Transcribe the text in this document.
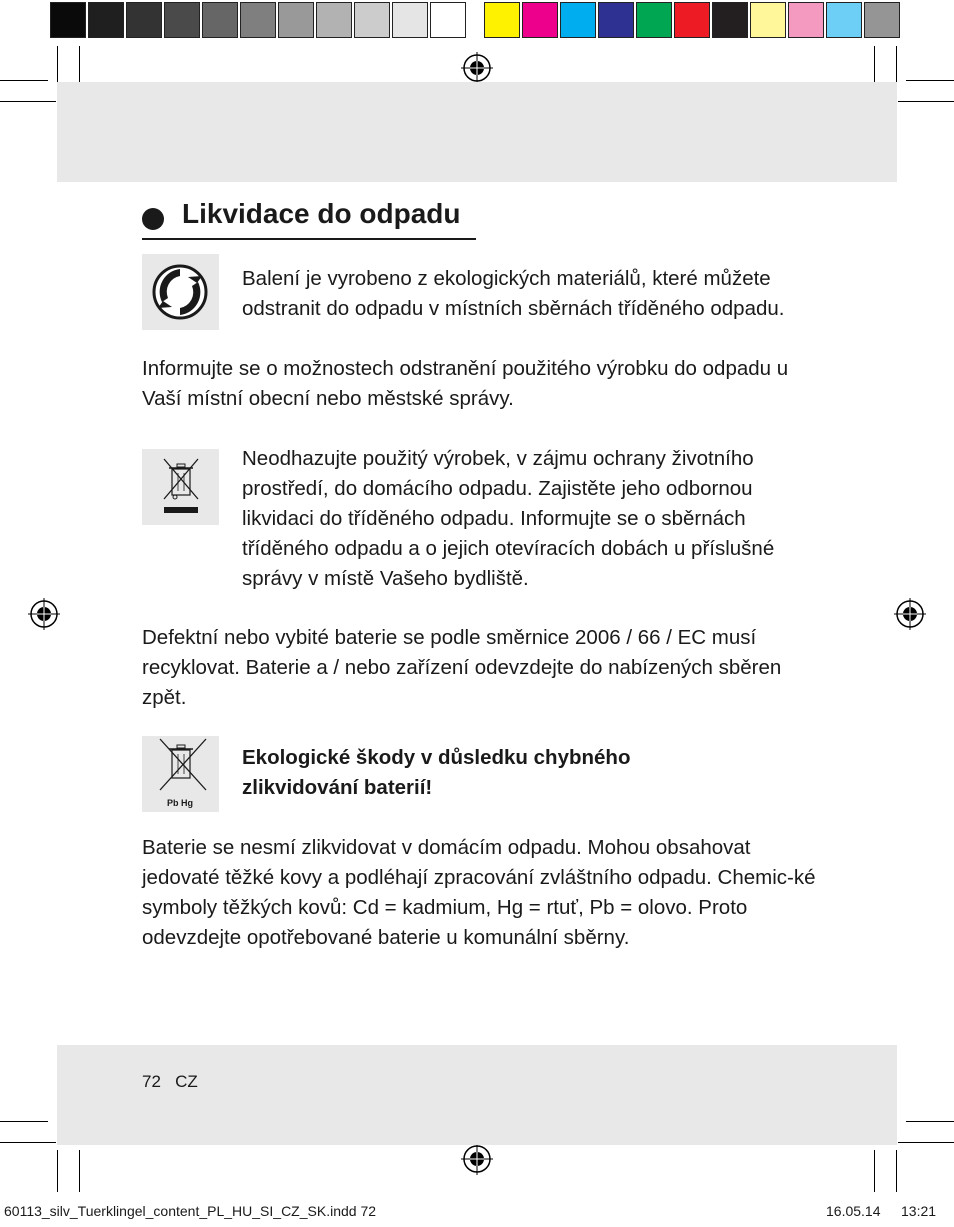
Likvidace do odpadu
Balení je vyrobeno z ekologických materiálů, které můžete odstranit do odpadu v místních sběrnách tříděného odpadu.
Informujte se o možnostech odstranění použitého výrobku do odpadu u Vaší místní obecní nebo městské správy.
Neodhazujte použitý výrobek, v zájmu ochrany životního prostředí, do domácího odpadu. Zajistěte jeho odbornou likvidaci do tříděného odpadu. Informujte se o sběrnách tříděného odpadu a o jejich otevíracích dobách u příslušné správy v místě Vašeho bydliště.
Defektní nebo vybité baterie se podle směrnice 2006 / 66 / EC musí recyklovat. Baterie a / nebo zařízení odevzdejte do nabízených sběren zpět.
Pb Hg
Ekologické škody v důsledku chybného zlikvidování baterií!
Baterie se nesmí zlikvidovat v domácím odpadu. Mohou obsahovat jedovaté těžké kovy a podléhají zpracování zvláštního odpadu. Chemic-ké symboly těžkých kovů: Cd = kadmium, Hg = rtuť, Pb = olovo. Proto odevzdejte opotřebované baterie u komunální sběrny.
72 CZ
60113_silv_Tuerklingel_content_PL_HU_SI_CZ_SK.indd 72	16.05.14 13:21
